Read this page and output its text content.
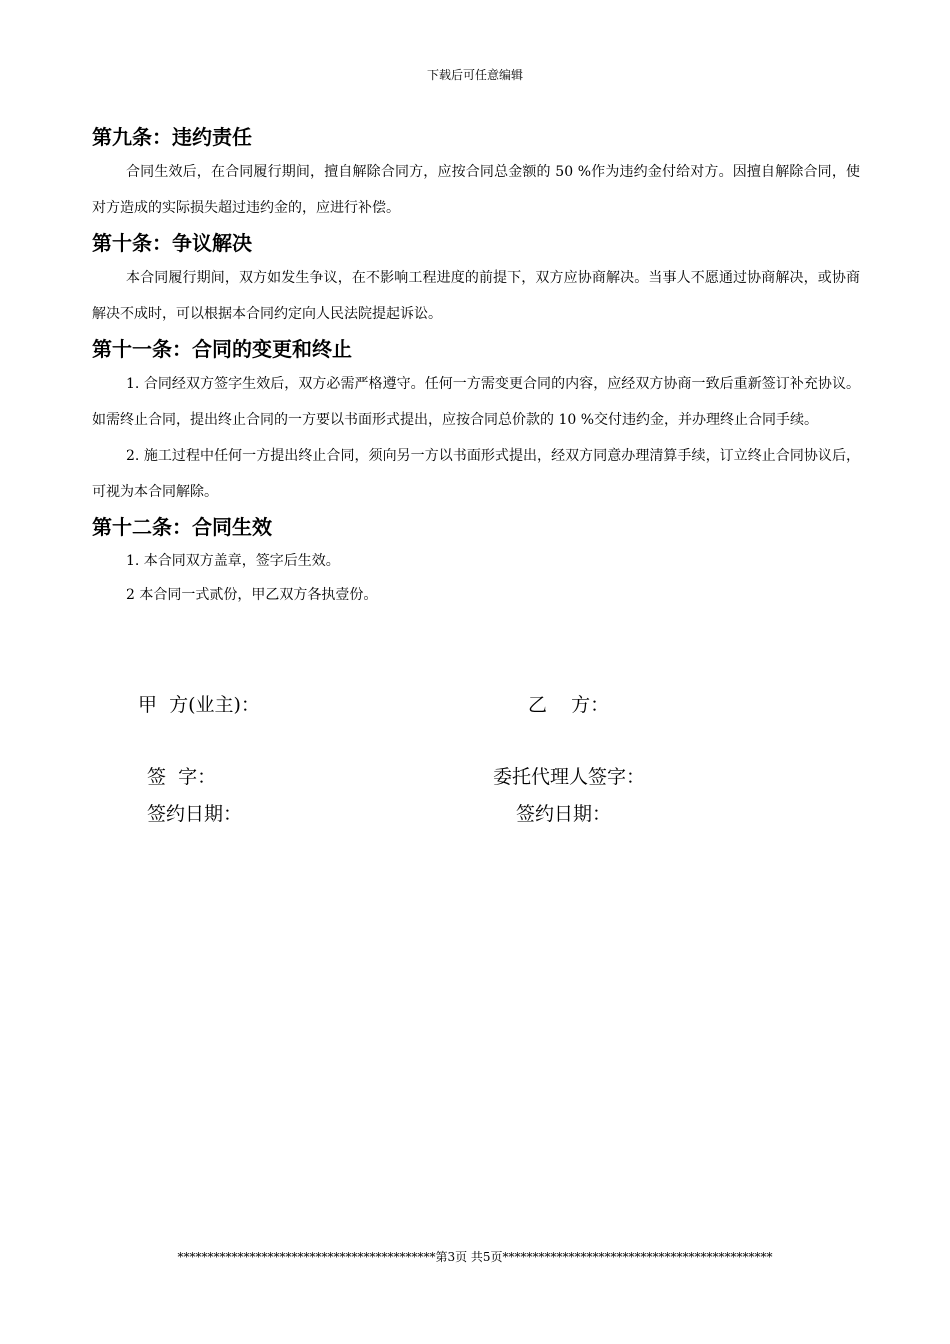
下载后可任意编辑
第九条：违约责任

合同生效后，在合同履行期间，擅自解除合同方，应按合同总金额的 50 %作为违约金付给对方。因擅自解除合同，使对方造成的实际损失超过违约金的，应进行补偿。

第十条：争议解决

本合同履行期间，双方如发生争议，在不影响工程进度的前提下，双方应协商解决。当事人不愿通过协商解决，或协商解决不成时，可以根据本合同约定向人民法院提起诉讼。

第十一条：合同的变更和终止

1. 合同经双方签字生效后，双方必需严格遵守。任何一方需变更合同的内容，应经双方协商一致后重新签订补充协议。如需终止合同，提出终止合同的一方要以书面形式提出，应按合同总价款的 10 %交付违约金，并办理终止合同手续。

2. 施工过程中任何一方提出终止合同，须向另一方以书面形式提出，经双方同意办理清算手续，订立终止合同协议后，可视为本合同解除。

第十二条：合同生效

1. 本合同双方盖章，签字后生效。

2 本合同一式贰份，甲乙双方各执壹份。

甲  方(业主)：	乙    方：
签  字：	委托代理人签字：
签约日期：	签约日期：
*******************************************第3页 共5页*********************************************
